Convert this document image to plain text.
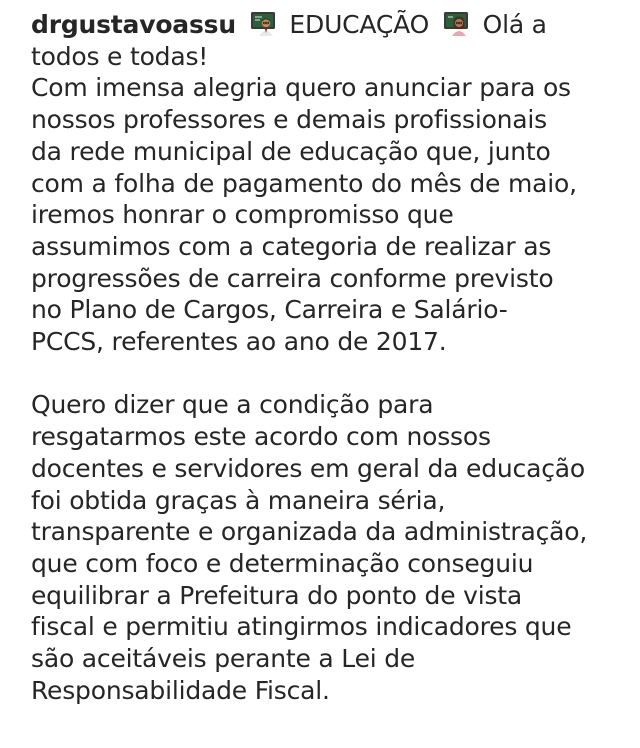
drgustavoassu EDUCAÇÃO Olá a
todos e todas!
Com imensa alegria quero anunciar para os
nossos professores e demais profissionais
da rede municipal de educação que, junto
com a folha de pagamento do mês de maio,
iremos honrar o compromisso que
assumimos com a categoria de realizar as
progressões de carreira conforme previsto
no Plano de Cargos, Carreira e Salário-
PCCS, referentes ao ano de 2017.
Quero dizer que a condição para
resgatarmos este acordo com nossos
docentes e servidores em geral da educação
foi obtida graças à maneira séria,
transparente e organizada da administração,
que com foco e determinação conseguiu
equilibrar a Prefeitura do ponto de vista
fiscal e permitiu atingirmos indicadores que
são aceitáveis perante a Lei de
Responsabilidade Fiscal.
